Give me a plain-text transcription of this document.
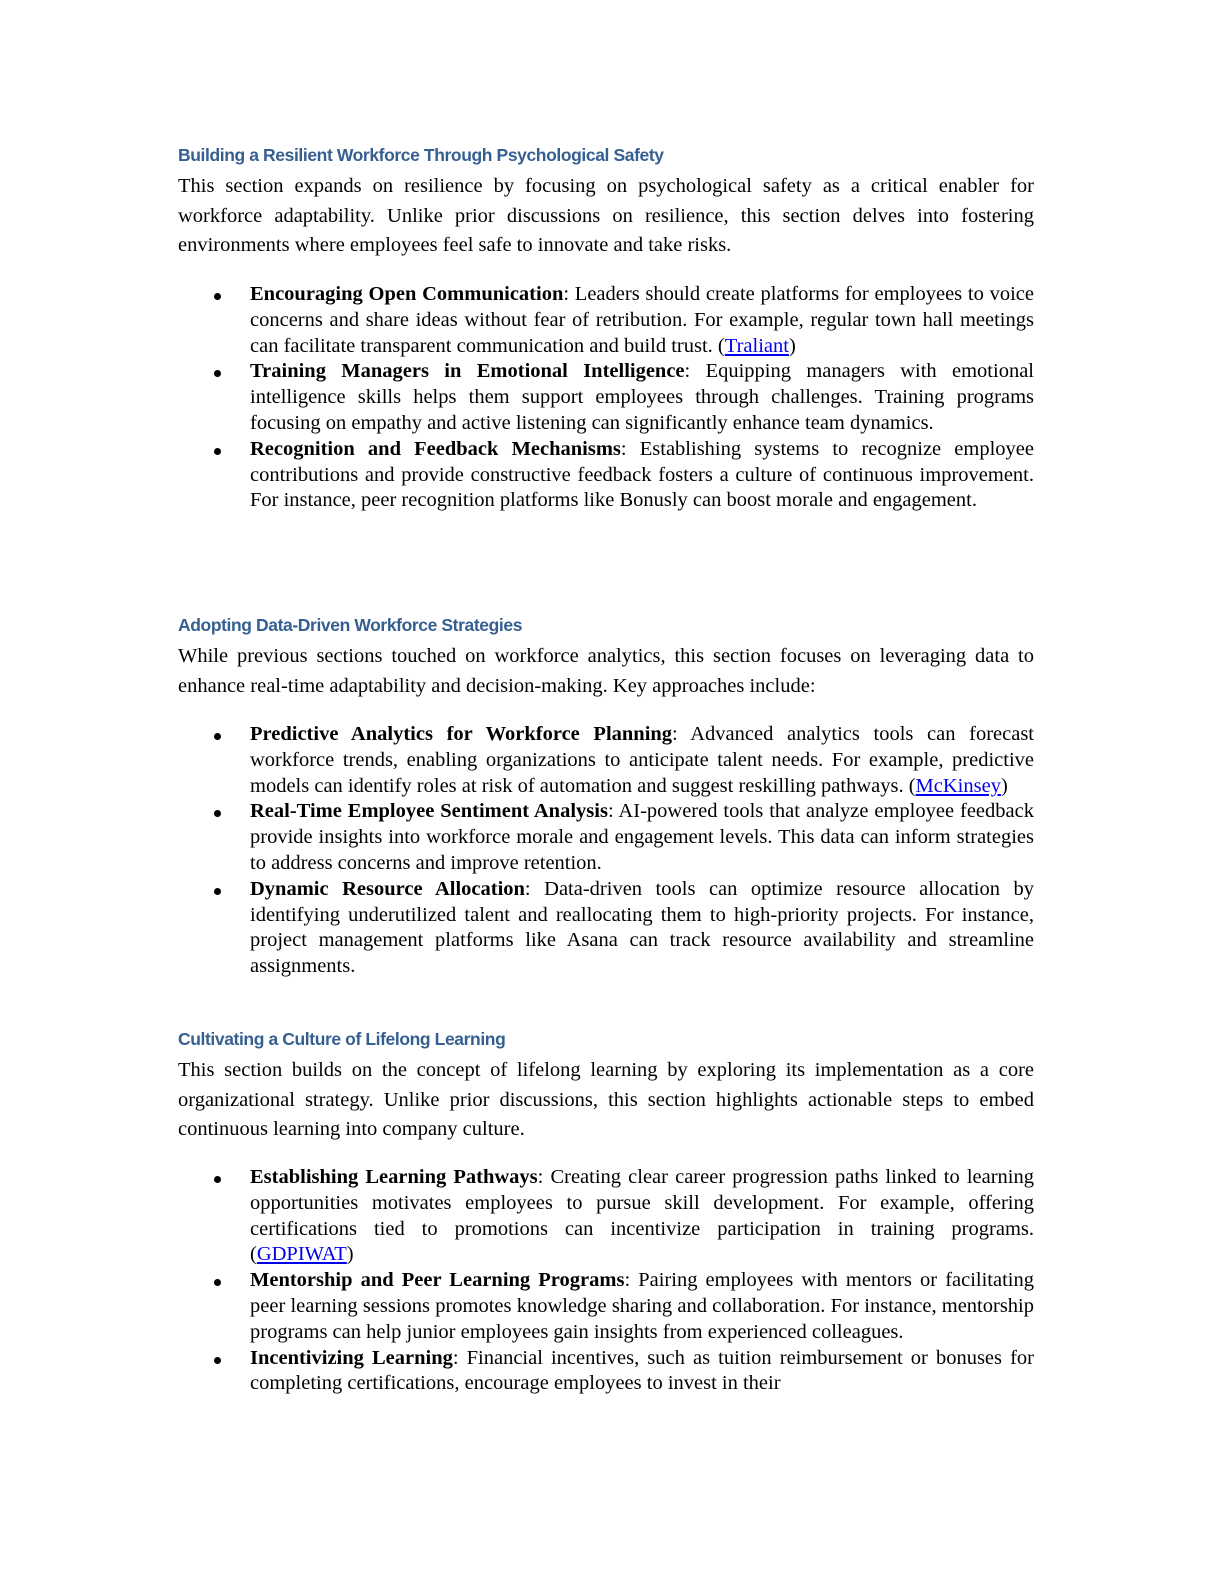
Building a Resilient Workforce Through Psychological Safety

This section expands on resilience by focusing on psychological safety as a critical enabler for workforce adaptability. Unlike prior discussions on resilience, this section delves into fostering environments where employees feel safe to innovate and take risks.

Encouraging Open Communication: Leaders should create platforms for employees to voice concerns and share ideas without fear of retribution. For example, regular town hall meetings can facilitate transparent communication and build trust. (Traliant)
Training Managers in Emotional Intelligence: Equipping managers with emotional intelligence skills helps them support employees through challenges. Training programs focusing on empathy and active listening can significantly enhance team dynamics.
Recognition and Feedback Mechanisms: Establishing systems to recognize employee contributions and provide constructive feedback fosters a culture of continuous improvement. For instance, peer recognition platforms like Bonusly can boost morale and engagement.
Adopting Data-Driven Workforce Strategies

While previous sections touched on workforce analytics, this section focuses on leveraging data to enhance real-time adaptability and decision-making. Key approaches include:

Predictive Analytics for Workforce Planning: Advanced analytics tools can forecast workforce trends, enabling organizations to anticipate talent needs. For example, predictive models can identify roles at risk of automation and suggest reskilling pathways. (McKinsey)
Real-Time Employee Sentiment Analysis: AI-powered tools that analyze employee feedback provide insights into workforce morale and engagement levels. This data can inform strategies to address concerns and improve retention.
Dynamic Resource Allocation: Data-driven tools can optimize resource allocation by identifying underutilized talent and reallocating them to high-priority projects. For instance, project management platforms like Asana can track resource availability and streamline assignments.
Cultivating a Culture of Lifelong Learning

This section builds on the concept of lifelong learning by exploring its implementation as a core organizational strategy. Unlike prior discussions, this section highlights actionable steps to embed continuous learning into company culture.

Establishing Learning Pathways: Creating clear career progression paths linked to learning opportunities motivates employees to pursue skill development. For example, offering certifications tied to promotions can incentivize participation in training programs. (GDPIWAT)
Mentorship and Peer Learning Programs: Pairing employees with mentors or facilitating peer learning sessions promotes knowledge sharing and collaboration. For instance, mentorship programs can help junior employees gain insights from experienced colleagues.
Incentivizing Learning: Financial incentives, such as tuition reimbursement or bonuses for completing certifications, encourage employees to invest in their
